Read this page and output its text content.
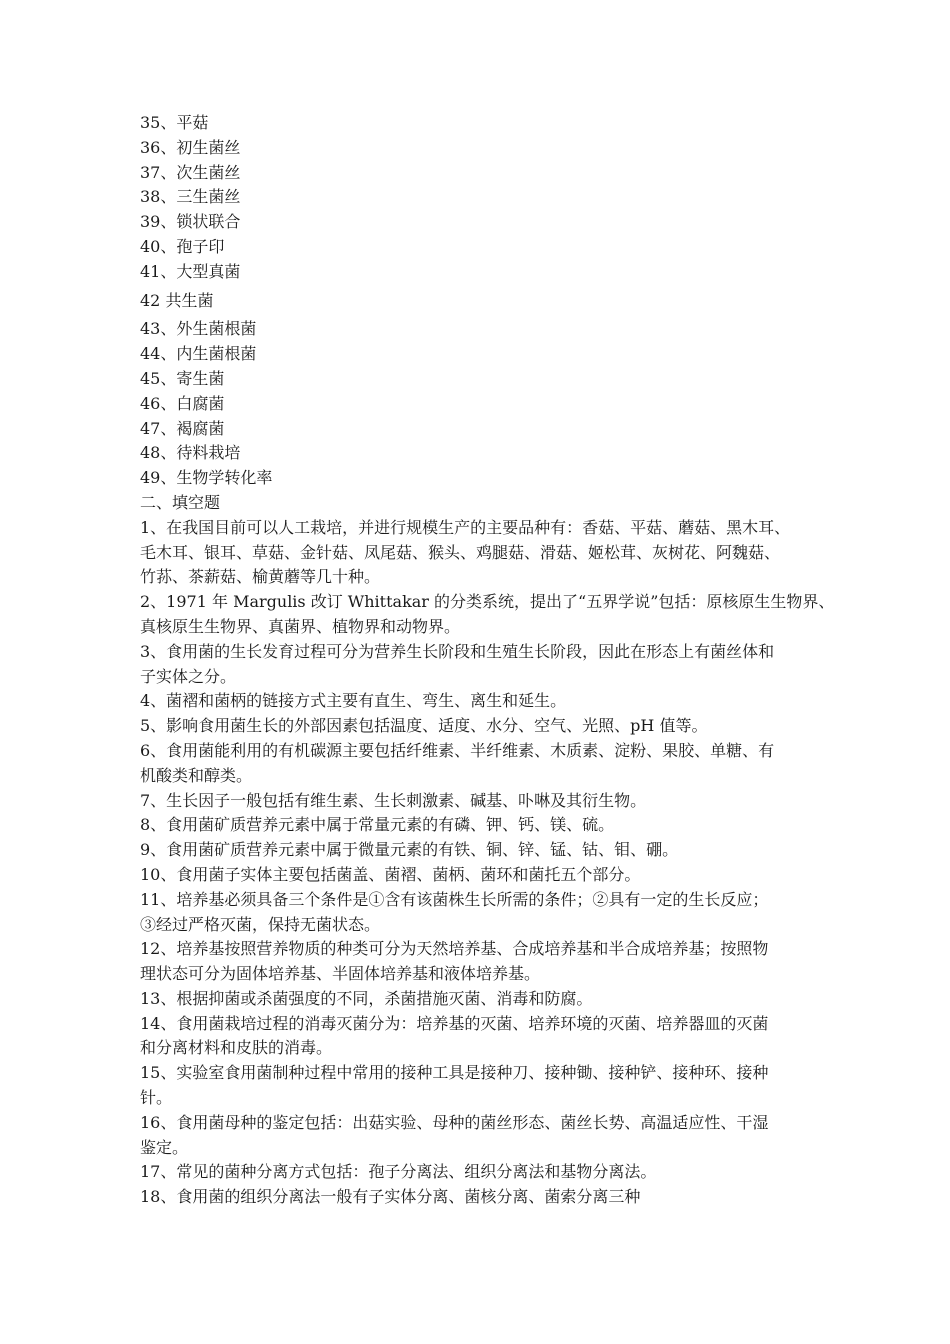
35、平菇
36、初生菌丝
37、次生菌丝
38、三生菌丝
39、锁状联合
40、孢子印
41、大型真菌
42 共生菌
43、外生菌根菌
44、内生菌根菌
45、寄生菌
46、白腐菌
47、褐腐菌
48、待料栽培
49、生物学转化率
二、填空题
1、在我国目前可以人工栽培，并进行规模生产的主要品种有：香菇、平菇、蘑菇、黑木耳、
毛木耳、银耳、草菇、金针菇、凤尾菇、猴头、鸡腿菇、滑菇、姬松茸、灰树花、阿魏菇、
竹荪、茶薪菇、榆黄蘑等几十种。
2、1971 年 Margulis 改订 Whittakar 的分类系统，提出了“五界学说”包括：原核原生生物界、
真核原生生物界、真菌界、植物界和动物界。
3、食用菌的生长发育过程可分为营养生长阶段和生殖生长阶段，因此在形态上有菌丝体和
子实体之分。
4、菌褶和菌柄的链接方式主要有直生、弯生、离生和延生。
5、影响食用菌生长的外部因素包括温度、适度、水分、空气、光照、pH 值等。
6、食用菌能利用的有机碳源主要包括纤维素、半纤维素、木质素、淀粉、果胶、单糖、有
机酸类和醇类。
7、生长因子一般包括有维生素、生长刺激素、碱基、卟啉及其衍生物。
8、食用菌矿质营养元素中属于常量元素的有磷、钾、钙、镁、硫。
9、食用菌矿质营养元素中属于微量元素的有铁、铜、锌、锰、钴、钼、硼。
10、食用菌子实体主要包括菌盖、菌褶、菌柄、菌环和菌托五个部分。
11、培养基必须具备三个条件是①含有该菌株生长所需的条件；②具有一定的生长反应；
③经过严格灭菌，保持无菌状态。
12、培养基按照营养物质的种类可分为天然培养基、合成培养基和半合成培养基；按照物
理状态可分为固体培养基、半固体培养基和液体培养基。
13、根据抑菌或杀菌强度的不同，杀菌措施灭菌、消毒和防腐。
14、食用菌栽培过程的消毒灭菌分为：培养基的灭菌、培养环境的灭菌、培养器皿的灭菌
和分离材料和皮肤的消毒。
15、实验室食用菌制种过程中常用的接种工具是接种刀、接种锄、接种铲、接种环、接种
针。
16、食用菌母种的鉴定包括：出菇实验、母种的菌丝形态、菌丝长势、高温适应性、干湿
鉴定。
17、常见的菌种分离方式包括：孢子分离法、组织分离法和基物分离法。
18、食用菌的组织分离法一般有子实体分离、菌核分离、菌索分离三种
